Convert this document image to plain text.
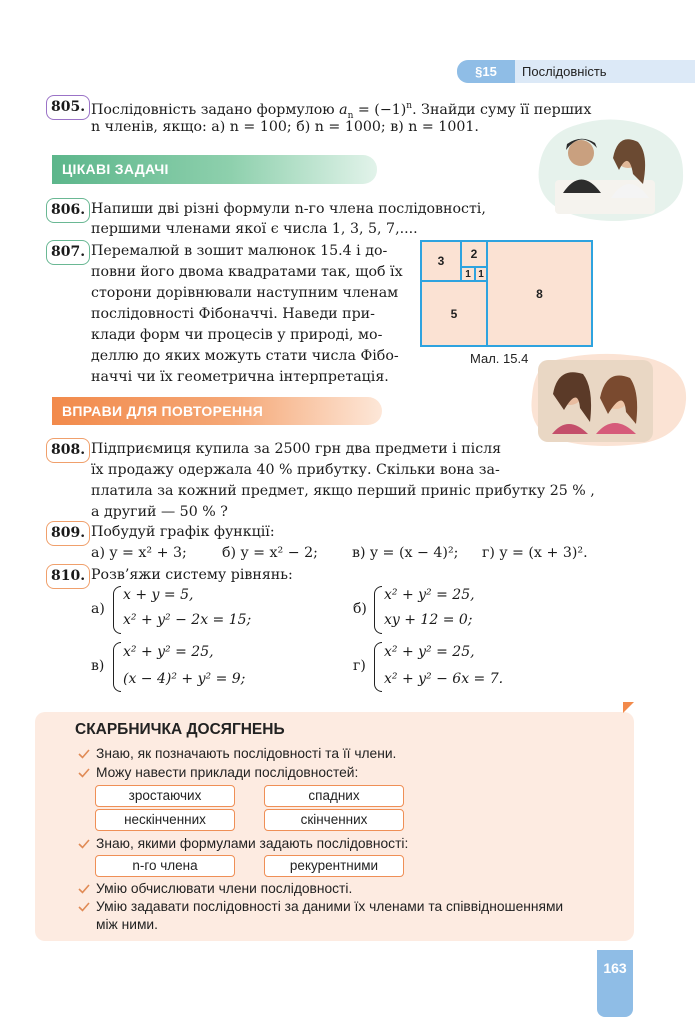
§15	Послідовність
805. Послідовність задано формулою $a_n = (-1)^n$. Знайди суму її перших
n членів, якщо: а) n = 100; б) n = 1000; в) n = 1001.
ЦІКАВІ ЗАДАЧІ
806. Напиши дві різні формули n-го члена послідовності,
першими членами якої є числа 1, 3, 5, 7,....
807. Перемалюй в зошит малюнок 15.4 і до-
повни його двома квадратами так, щоб їх
сторони дорівнювали наступним членам
послідовності Фібоначчі. Наведи при-
клади форм чи процесів у природі, мо-
деллю до яких можуть стати числа Фібо-
наччі чи їх геометрична інтерпретація.
3	2
1 1
5
8
Мал. 15.4
ВПРАВИ ДЛЯ ПОВТОРЕННЯ
808. Підприємиця купила за 2500 грн два предмети і після
їх продажу одержала 40 % прибутку. Скільки вона за-
платила за кожний предмет, якщо перший приніс прибутку 25 % ,
а другий — 50 % ?
809. Побудуй графік функції:
а) y = x² + 3; б) y = x² − 2; в) y = (x − 4)²; г) y = (x + 3)².
810. Розв’яжи систему рівнянь:
а)
x + y = 5,
x² + y² − 2x = 15;
б)
x² + y² = 25,
xy + 12 = 0;
в)
x² + y² = 25,
(x − 4)² + y² = 9;
г)
x² + y² = 25,
x² + y² − 6x = 7.
СКАРБНИЧКА ДОСЯГНЕНЬ
Знаю, як позначають послідовності та її члени.
Можу навести приклади послідовностей:
зростаючих	спадних
нескінченних	скінченних
Знаю, якими формулами задають послідовності:
n-го члена	рекурентними
Умію обчислювати члени послідовності.
Умію задавати послідовності за даними їх членами та співвідношеннями
між ними.
163
